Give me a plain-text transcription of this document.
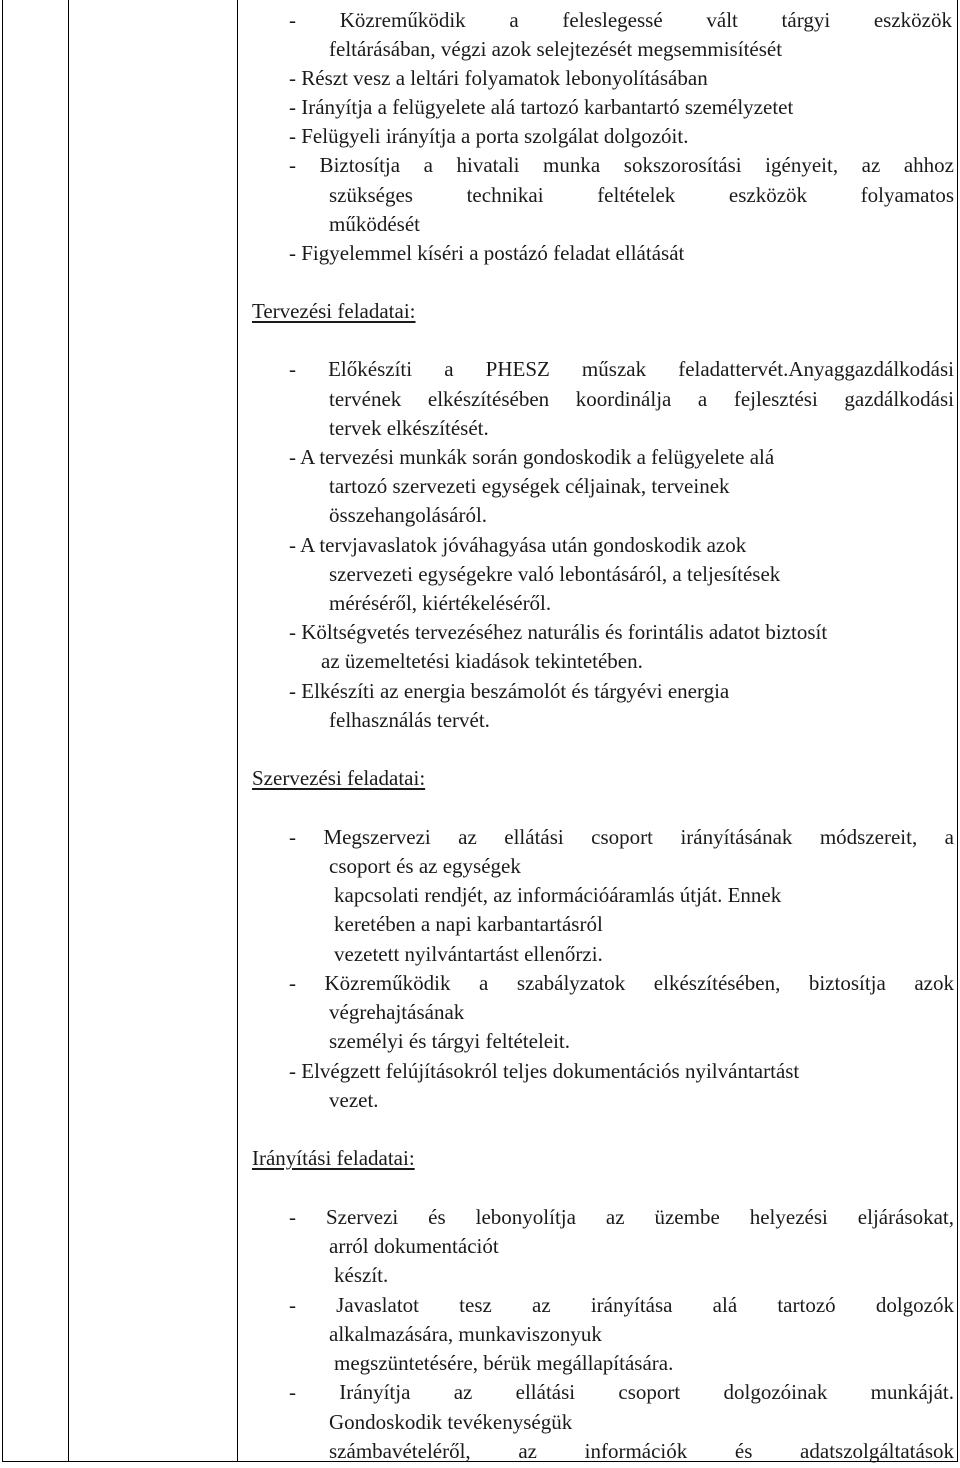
- Közreműködik a feleslegessé vált tárgyi eszközök
feltárásában, végzi azok selejtezését megsemmisítését
- Részt vesz a leltári folyamatok lebonyolításában
- Irányítja a felügyelete alá tartozó karbantartó személyzetet
- Felügyeli irányítja a porta szolgálat dolgozóit.
- Biztosítja a hivatali munka sokszorosítási igényeit, az ahhoz
szükséges technikai feltételek eszközök folyamatos
működését
- Figyelemmel kíséri a postázó feladat ellátását
Tervezési feladatai:
- Előkészíti a PHESZ műszak feladattervét.Anyaggazdálkodási
tervének elkészítésében koordinálja a fejlesztési gazdálkodási
tervek elkészítését.
- A tervezési munkák során gondoskodik a felügyelete alá
tartozó szervezeti egységek céljainak, terveinek
összehangolásáról.
- A tervjavaslatok jóváhagyása után gondoskodik azok
szervezeti egységekre való lebontásáról, a teljesítések
méréséről, kiértékeléséről.
- Költségvetés tervezéséhez naturális és forintális adatot biztosít
az üzemeltetési kiadások tekintetében.
- Elkészíti az energia beszámolót és tárgyévi energia
felhasználás tervét.
Szervezési feladatai:
- Megszervezi az ellátási csoport irányításának módszereit, a
csoport és az egységek
kapcsolati rendjét, az információáramlás útját. Ennek
keretében a napi karbantartásról
vezetett nyilvántartást ellenőrzi.
- Közreműködik a szabályzatok elkészítésében, biztosítja azok
végrehajtásának
személyi és tárgyi feltételeit.
- Elvégzett felújításokról teljes dokumentációs nyilvántartást
vezet.
Irányítási feladatai:
- Szervezi és lebonyolítja az üzembe helyezési eljárásokat,
arról dokumentációt
készít.
- Javaslatot tesz az irányítása alá tartozó dolgozók
alkalmazására, munkaviszonyuk
megszüntetésére, bérük megállapítására.
- Irányítja az ellátási csoport dolgozóinak munkáját.
Gondoskodik tevékenységük
számbavételéről, az információk és adatszolgáltatások
